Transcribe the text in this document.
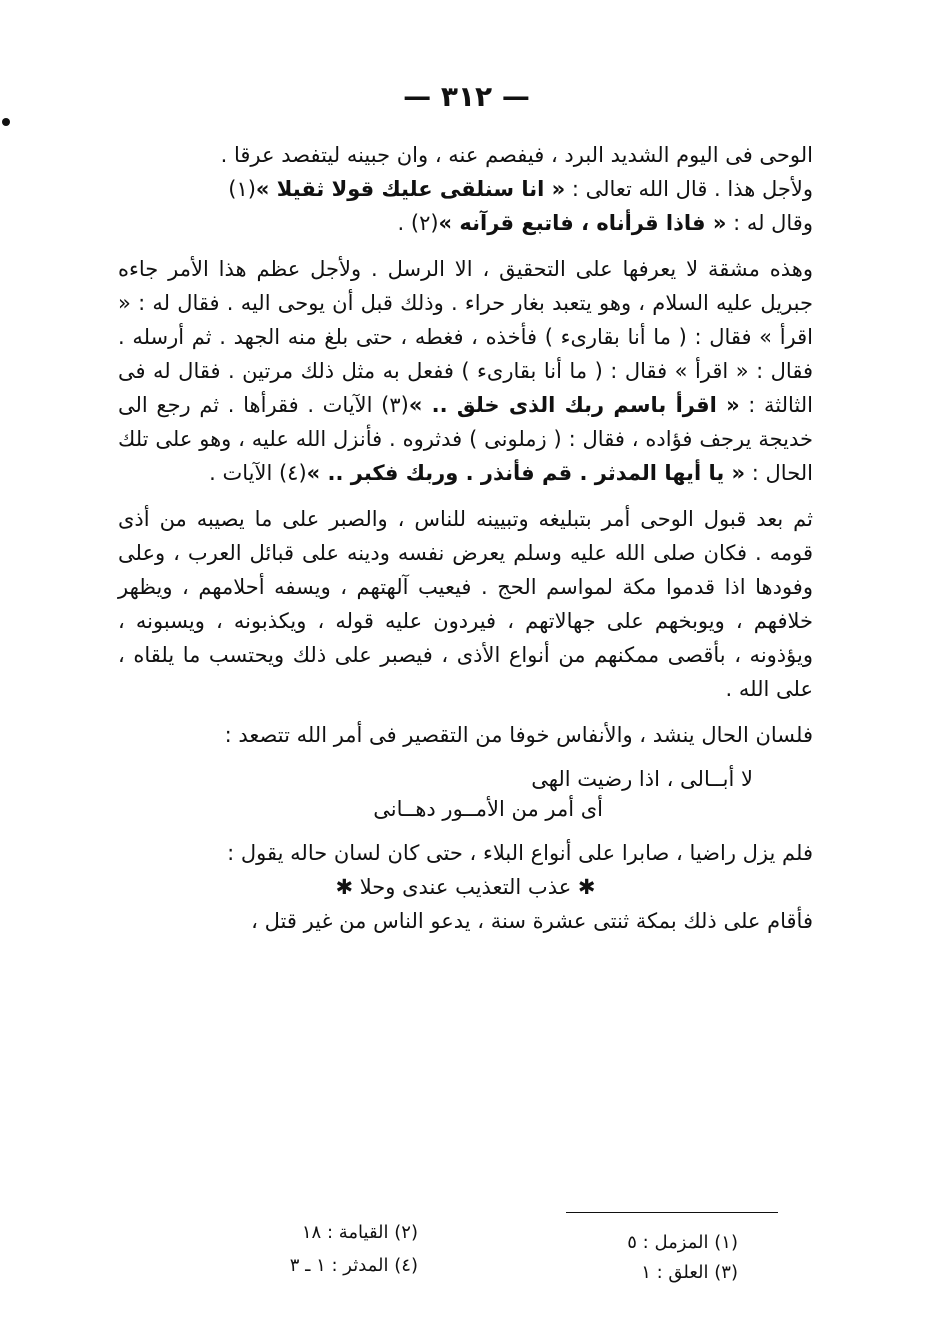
— ٣١٢ —

الوحى فى اليوم الشديد البرد ، فيفصم عنه ، وان جبينه ليتفصد عرقا .

ولأجل هذا . قال الله تعالى : « انا سنلقى عليك قولا ثقيلا »(١)

وقال له : « فاذا قرأناه ، فاتبع قرآنه »(٢) .

وهذه مشقة لا يعرفها على التحقيق ، الا الرسل . ولأجل عظم هذا الأمر جاءه جبريل عليه السلام ، وهو يتعبد بغار حراء . وذلك قبل أن يوحى اليه . فقال له : « اقرأ » فقال : ( ما أنا بقارىء ) فأخذه ، فغطه ، حتى بلغ منه الجهد . ثم أرسله . فقال : « اقرأ » فقال : ( ما أنا بقارىء ) ففعل به مثل ذلك مرتين . فقال له فى الثالثة : « اقرأ باسم ربك الذى خلق .. »(٣) الآيات . فقرأها . ثم رجع الى خديجة يرجف فؤاده ، فقال : ( زملونى ) فدثروه . فأنزل الله عليه ، وهو على تلك الحال : « يا أيها المدثر . قم فأنذر . وربك فكبر .. »(٤) الآيات .

ثم بعد قبول الوحى أمر بتبليغه وتبيينه للناس ، والصبر على ما يصيبه من أذى قومه . فكان صلى الله عليه وسلم يعرض نفسه ودينه على قبائل العرب ، وعلى وفودها اذا قدموا مكة لمواسم الحج . فيعيب آلهتهم ، ويسفه أحلامهم ، ويظهر خلافهم ، ويوبخهم على جهالاتهم ، فيردون عليه قوله ، ويكذبونه ، ويسبونه ، ويؤذونه ، بأقصى ممكنهم من أنواع الأذى ، فيصبر على ذلك ويحتسب ما يلقاه ، على الله .

فلسان الحال ينشد ، والأنفاس خوفا من التقصير فى أمر الله تتصعد :

لا أبــالى ، اذا رضيت الهى
أى أمر من الأمــور دهــانى

فلم يزل راضيا ، صابرا على أنواع البلاء ، حتى كان لسان حاله يقول :

✱ عذب التعذيب عندى وحلا ✱

فأقام على ذلك بمكة ثنتى عشرة سنة ، يدعو الناس من غير قتل ،

(١) المزمل : ٥
(٢) القيامة : ١٨
(٣) العلق : ١
(٤) المدثر : ١ ـ ٣
